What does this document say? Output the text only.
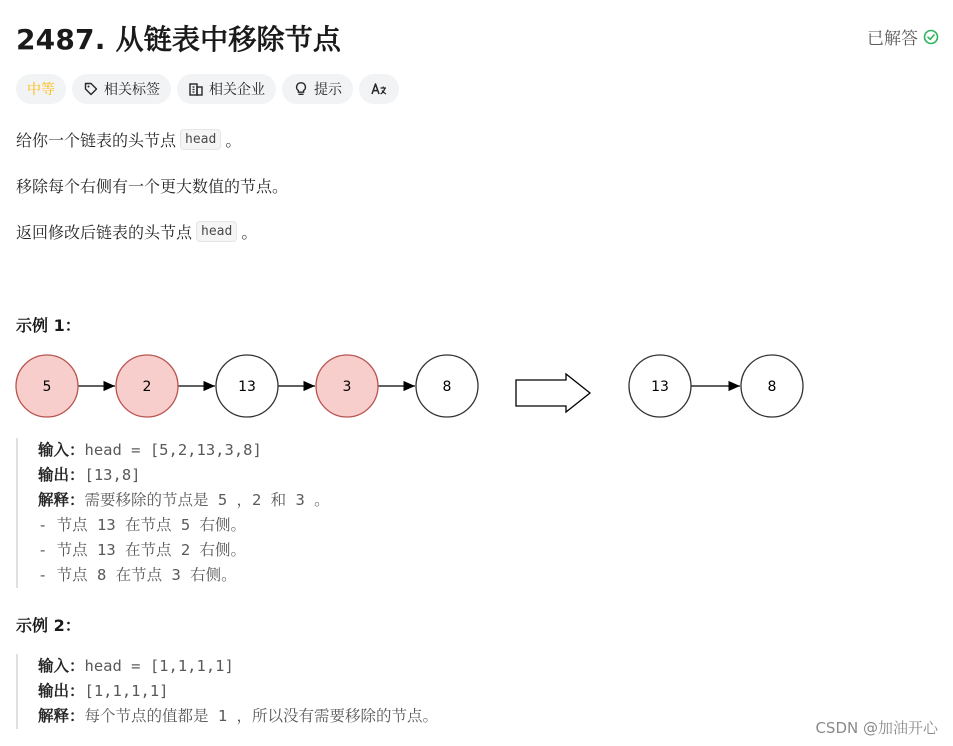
2487. 从链表中移除节点	已解答
中等	相关标签	相关企业	提示

给你一个链表的头节点 head 。

移除每个右侧有一个更大数值的节点。

返回修改后链表的头节点 head 。

示例 1：
5	2	13	3	8	13	8
输入：head = [5,2,13,3,8]
输出：[13,8]
解释：需要移除的节点是 5 ，2 和 3 。
- 节点 13 在节点 5 右侧。
- 节点 13 在节点 2 右侧。
- 节点 8 在节点 3 右侧。
示例 2：
输入：head = [1,1,1,1]
输出：[1,1,1,1]
解释：每个节点的值都是 1 ，所以没有需要移除的节点。
CSDN @加油开心
